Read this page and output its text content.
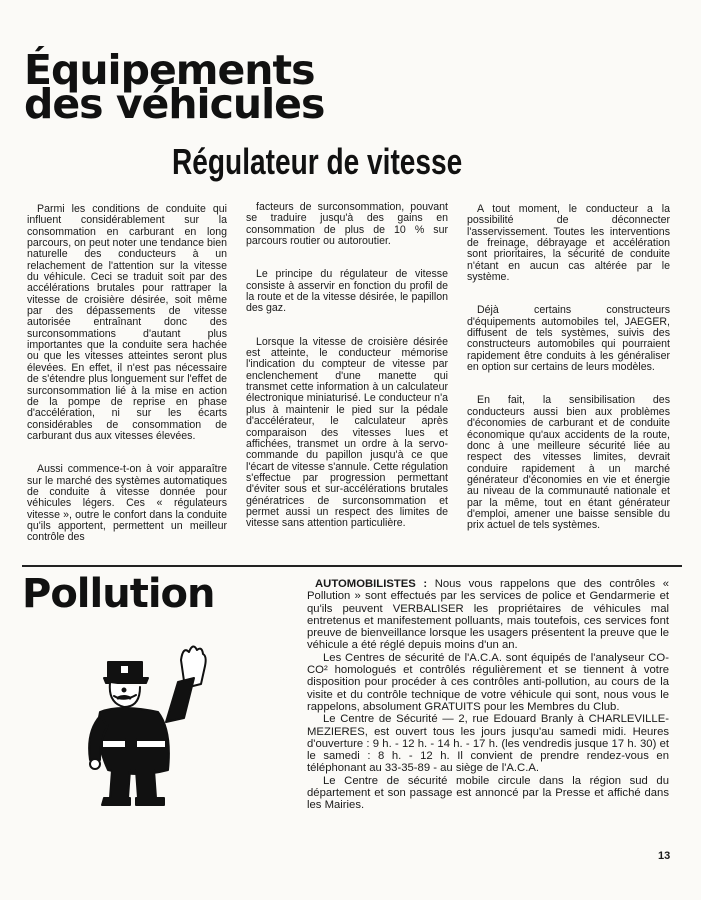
Équipements
des véhicules
Régulateur de vitesse

Parmi les conditions de conduite qui influent considérablement sur la consommation en carburant en long parcours, on peut noter une tendance bien naturelle des conducteurs à un relachement de l'attention sur la vitesse du véhicule. Ceci se traduit soit par des accélérations brutales pour rattraper la vitesse de croisière désirée, soit même par des dépassements de vitesse autorisée entraînant donc des surconsommations d'autant plus importantes que la conduite sera hachée ou que les vitesses atteintes seront plus élevées. En effet, il n'est pas nécessaire de s'étendre plus longuement sur l'effet de surconsommation lié à la mise en action de la pompe de reprise en phase d'accélération, ni sur les écarts considérables de consommation de carburant dus aux vitesses élevées.

Aussi commence-t-on à voir apparaître sur le marché des systèmes automatiques de conduite à vitesse donnée pour véhicules légers. Ces « régulateurs vitesse », outre le confort dans la conduite qu'ils apportent, permettent un meilleur contrôle des

facteurs de surconsommation, pouvant se traduire jusqu'à des gains en consommation de plus de 10 % sur parcours routier ou autoroutier.

Le principe du régulateur de vitesse consiste à asservir en fonction du profil de la route et de la vitesse désirée, le papillon des gaz.

Lorsque la vitesse de croisière désirée est atteinte, le conducteur mémorise l'indication du compteur de vitesse par enclenchement d'une manette qui transmet cette information à un calculateur électronique miniaturisé. Le conducteur n'a plus à maintenir le pied sur la pédale d'accélérateur, le calculateur après comparaison des vitesses lues et affichées, transmet un ordre à la servo-commande du papillon jusqu'à ce que l'écart de vitesse s'annule. Cette régulation s'effectue par progression permettant d'éviter sous et sur-accélérations brutales génératrices de surconsommation et permet aussi un respect des limites de vitesse sans attention particulière.

A tout moment, le conducteur a la possibilité de déconnecter l'asservissement. Toutes les interventions de freinage, débrayage et accélération sont prioritaires, la sécurité de conduite n'étant en aucun cas altérée par le système.

Déjà certains constructeurs d'équipements automobiles tel, JAEGER, diffusent de tels systèmes, suivis des constructeurs automobiles qui pourraient rapidement être conduits à les généraliser en option sur certains de leurs modèles.

En fait, la sensibilisation des conducteurs aussi bien aux problèmes d'économies de carburant et de conduite économique qu'aux accidents de la route, donc à une meilleure sécurité liée au respect des vitesses limites, devrait conduire rapidement à un marché générateur d'économies en vie et énergie au niveau de la communauté nationale et par la même, tout en étant générateur d'emploi, amener une baisse sensible du prix actuel de tels systèmes.

Pollution	AUTOMOBILISTES : Nous vous rappelons que des contrôles « Pollution » sont effectués par les services de police et Gendarmerie et qu'ils peuvent VERBALISER les propriétaires de véhicules mal entretenus et manifestement polluants, mais toutefois, ces services font preuve de bienveillance lorsque les usagers présentent la preuve que le véhicule a été réglé depuis moins d'un an.

Les Centres de sécurité de l'A.C.A. sont équipés de l'analyseur CO-CO² homologués et contrôlés régulièrement et se tiennent à votre disposition pour procéder à ces contrôles anti-pollution, au cours de la visite et du contrôle technique de votre véhicule qui sont, nous vous le rappelons, absolument GRATUITS pour les Membres du Club.

Le Centre de Sécurité — 2, rue Edouard Branly à CHARLEVILLE-MEZIERES, est ouvert tous les jours jusqu'au samedi midi. Heures d'ouverture : 9 h. - 12 h. - 14 h. - 17 h. (les vendredis jusque 17 h. 30) et le samedi : 8 h. - 12 h. Il convient de prendre rendez-vous en téléphonant au 33-35-89 - au siège de l'A.C.A.

Le Centre de sécurité mobile circule dans la région sud du département et son passage est annoncé par la Presse et affiché dans les Mairies.

13
